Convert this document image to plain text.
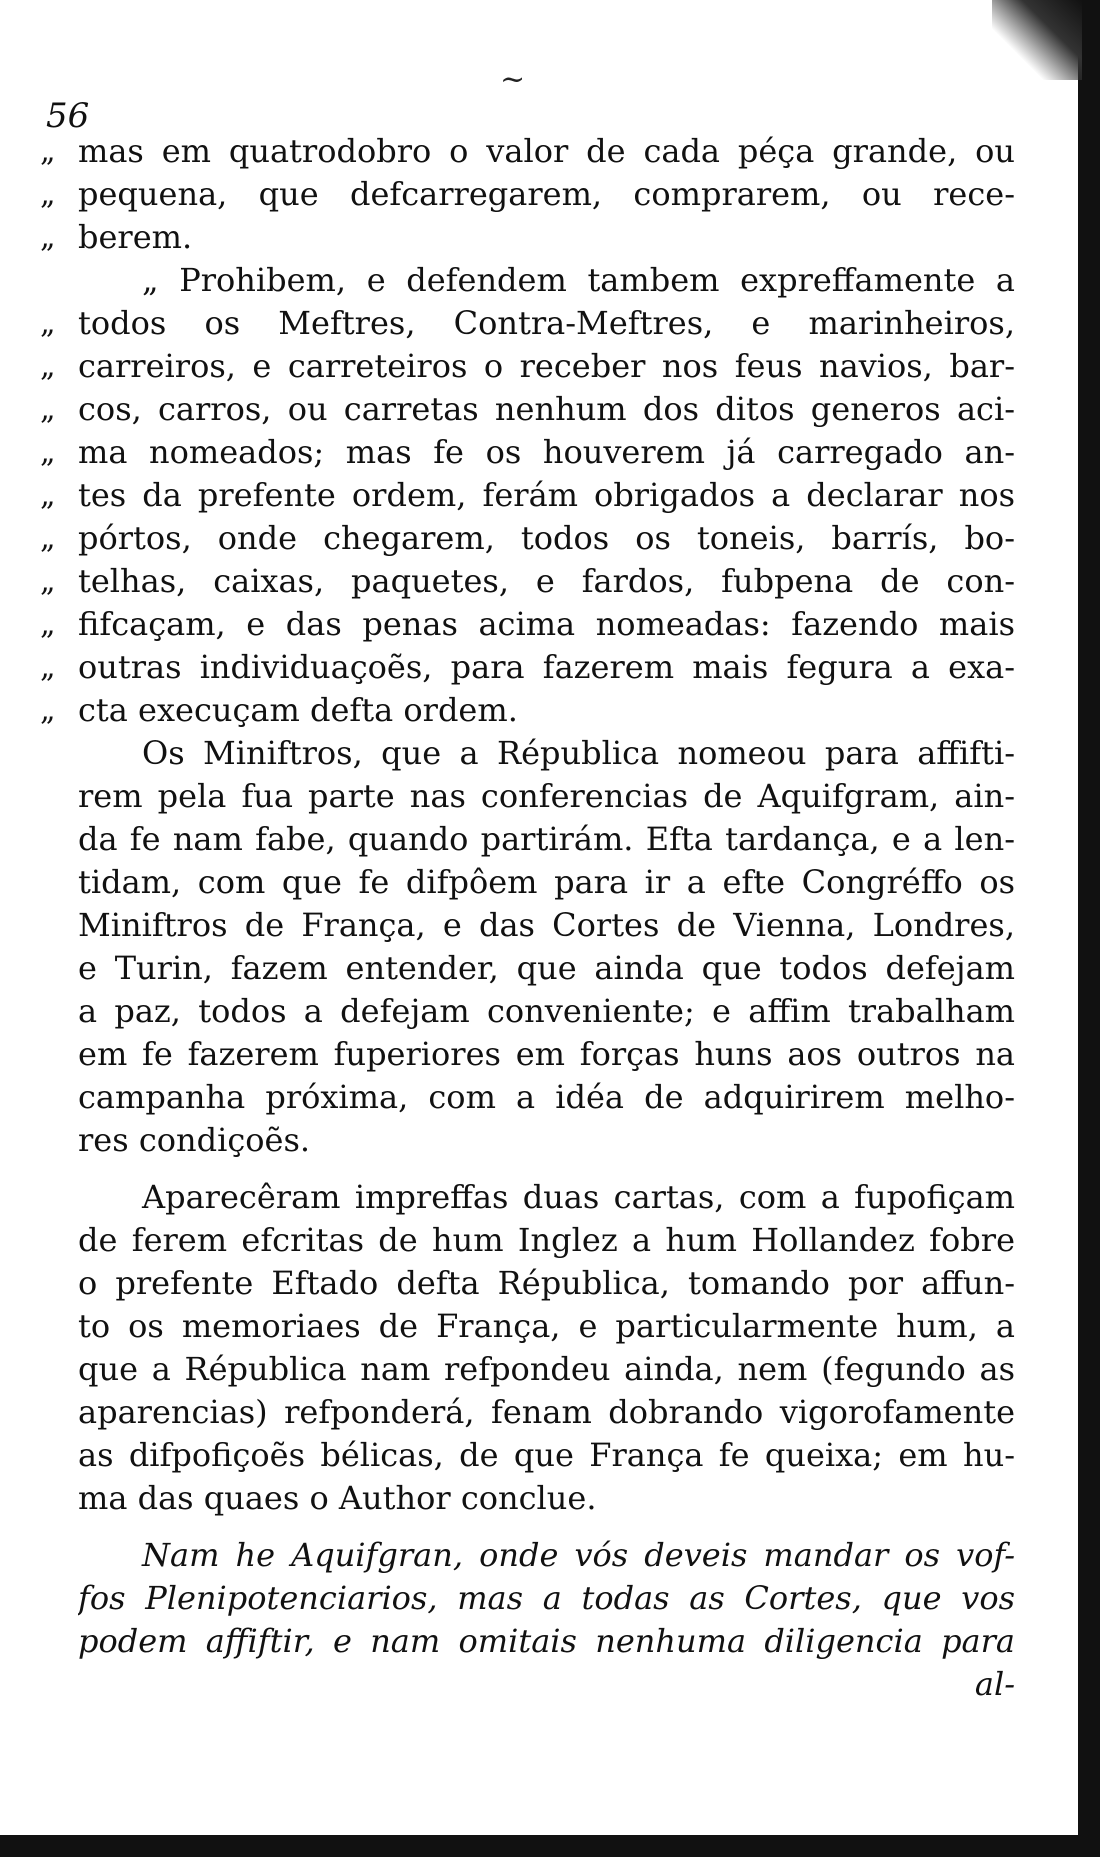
~
56
„ mas em quatrodobro o valor de cada péça grande, ou
„ pequena, que defcarregarem, comprarem, ou rece-
„ berem.
„ Prohibem, e defendem tambem expreffamente a
„ todos os Meftres, Contra-Meftres, e marinheiros,
„ carreiros, e carreteiros o receber nos feus navios, bar-
„ cos, carros, ou carretas nenhum dos ditos generos aci-
„ ma nomeados; mas fe os houverem já carregado an-
„ tes da prefente ordem, ferám obrigados a declarar nos
„ pórtos, onde chegarem, todos os toneis, barrís, bo-
„ telhas, caixas, paquetes, e fardos, fubpena de con-
„ fifcaçam, e das penas acima nomeadas: fazendo mais
„ outras individuaçoẽs, para fazerem mais fegura a exa-
„ cta execuçam defta ordem.
Os Miniftros, que a Républica nomeou para affifti-
rem pela fua parte nas conferencias de Aquifgram, ain-
da fe nam fabe, quando partirám. Efta tardança, e a len-
tidam, com que fe difpôem para ir a efte Congréffo os
Miniftros de França, e das Cortes de Vienna, Londres,
e Turin, fazem entender, que ainda que todos defejam
a paz, todos a defejam conveniente; e affim trabalham
em fe fazerem fuperiores em forças huns aos outros na
campanha próxima, com a idéa de adquirirem melho-
res condiçoẽs.
Aparecêram impreffas duas cartas, com a fupofiçam
de ferem efcritas de hum Inglez a hum Hollandez fobre
o prefente Eftado defta Républica, tomando por affun-
to os memoriaes de França, e particularmente hum, a
que a Républica nam refpondeu ainda, nem (fegundo as
aparencias) refponderá, fenam dobrando vigorofamente
as difpofiçoẽs bélicas, de que França fe queixa; em hu-
ma das quaes o Author conclue.
Nam he Aquifgran, onde vós deveis mandar os vof-
fos Plenipotenciarios, mas a todas as Cortes, que vos
podem affiftir, e nam omitais nenhuma diligencia para
al-
